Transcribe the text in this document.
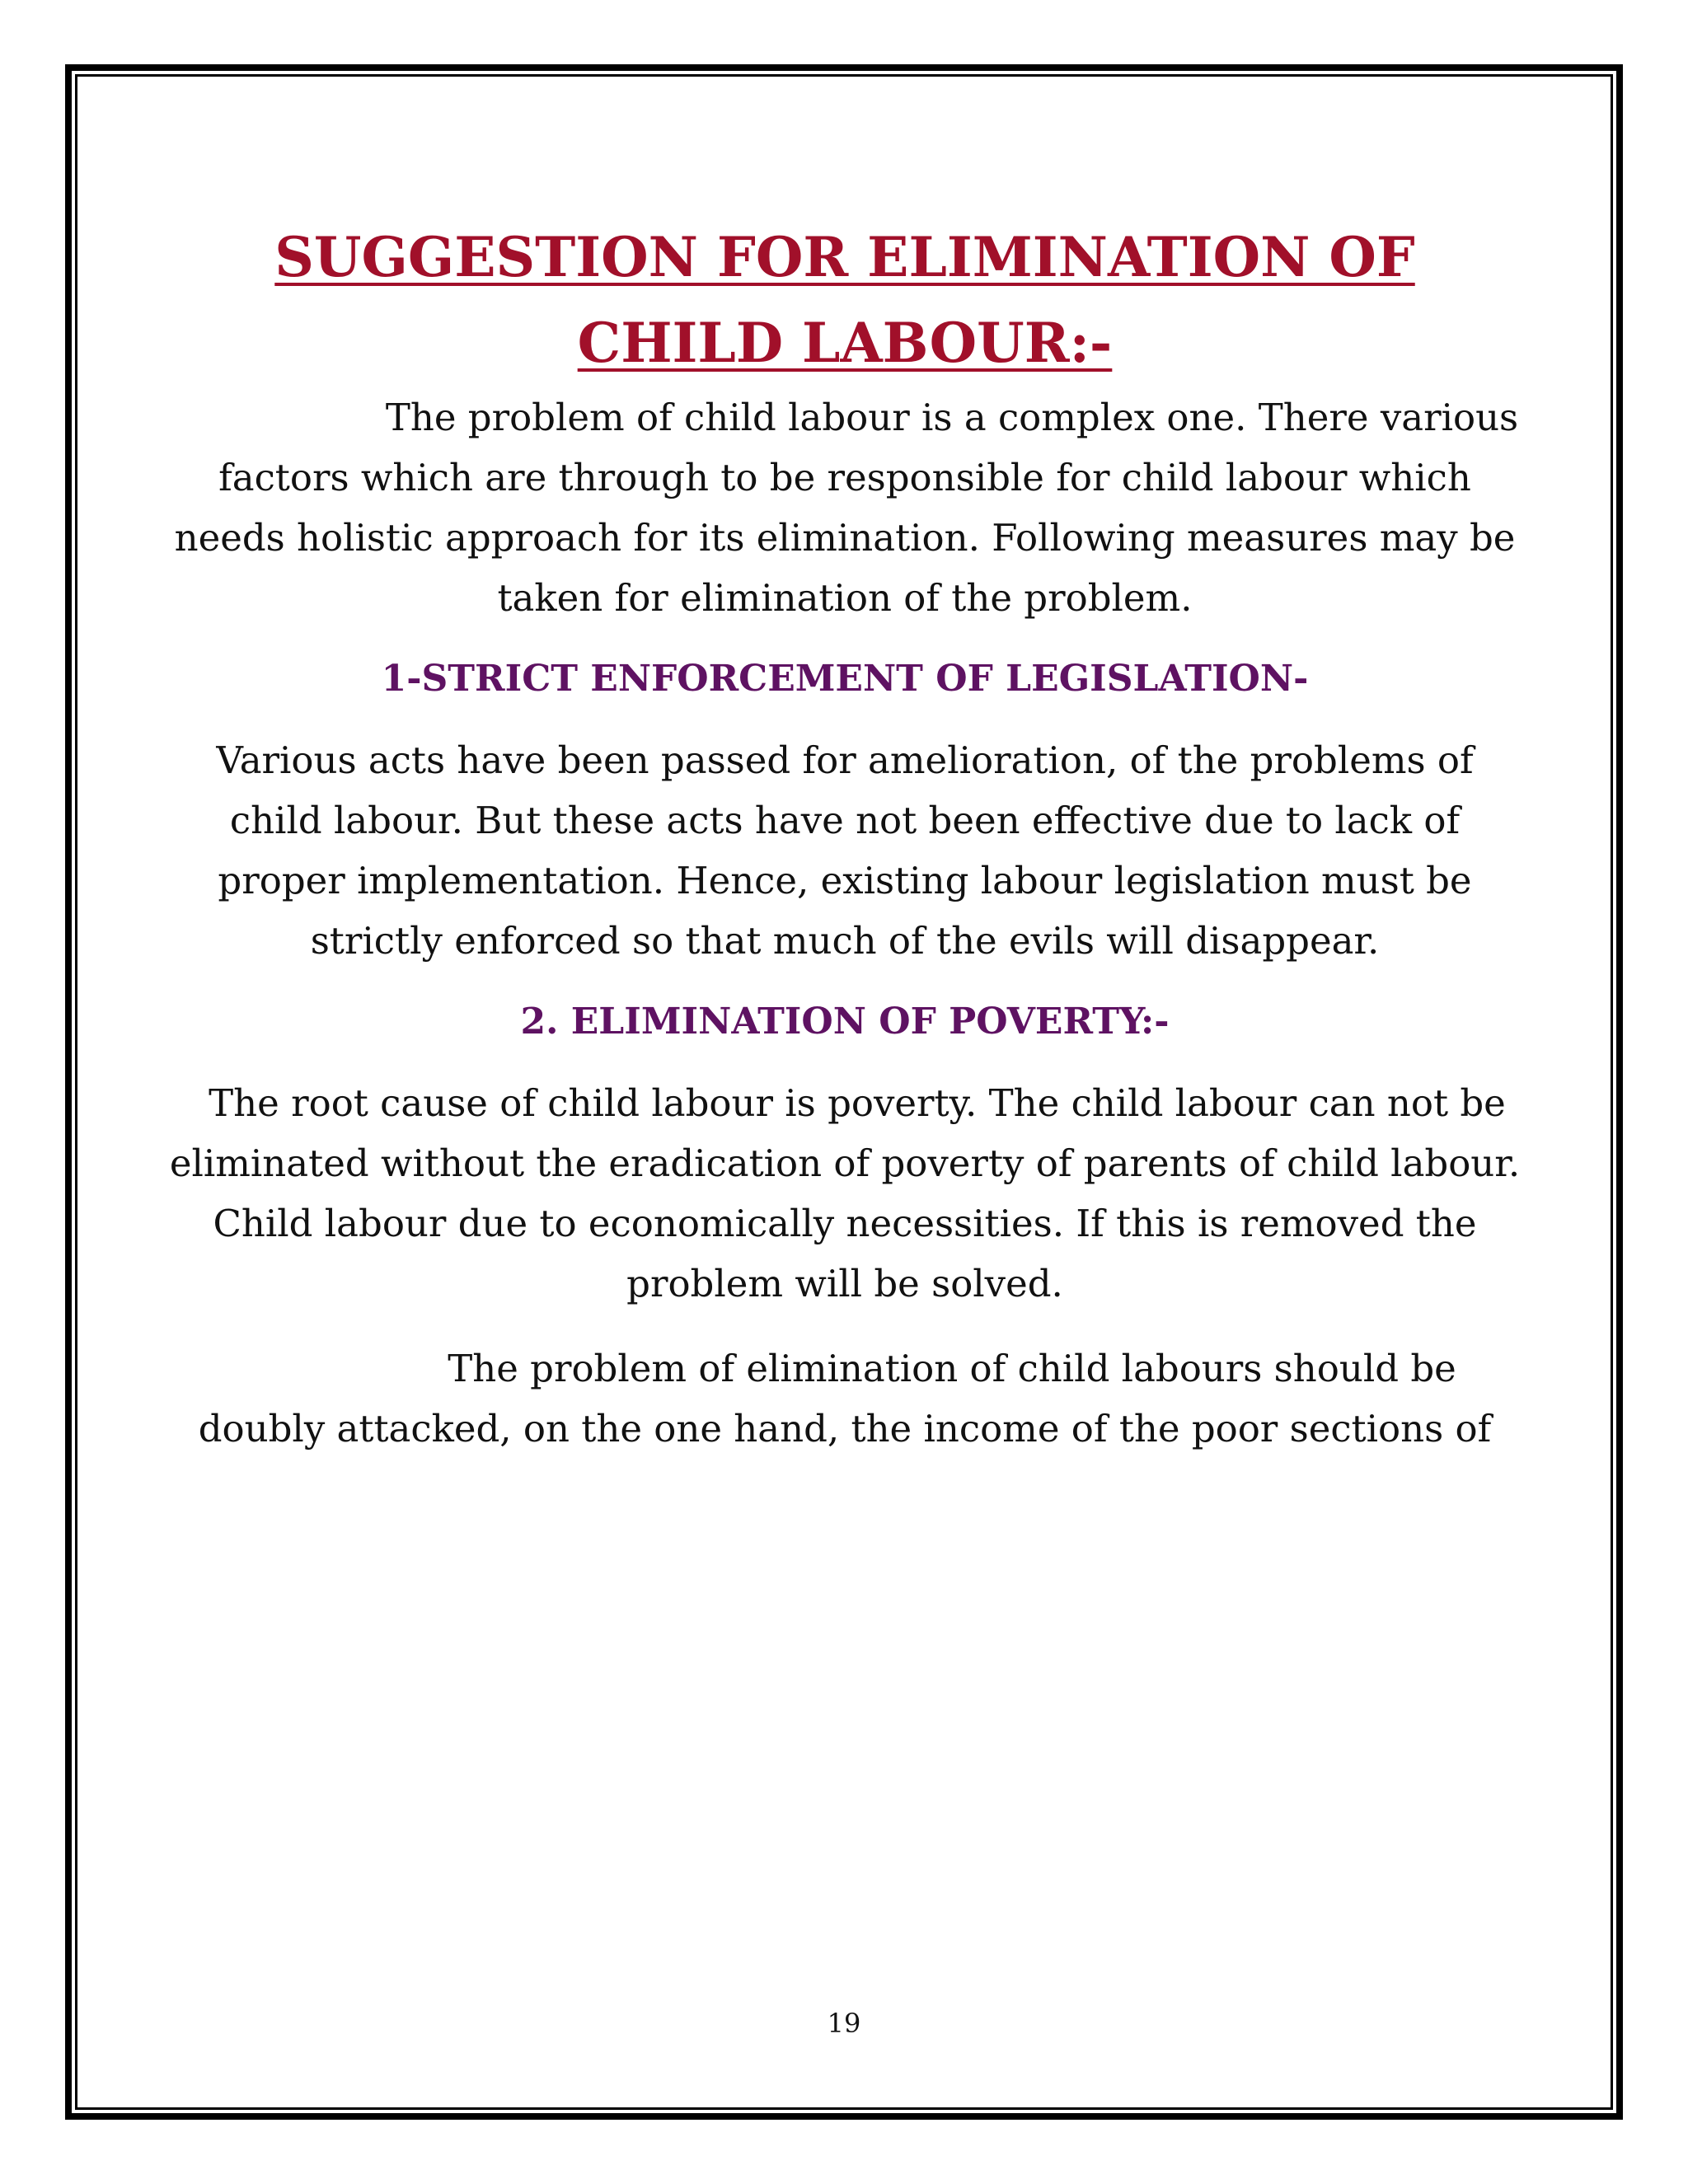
SUGGESTION FOR ELIMINATION OF CHILD LABOUR:-

The problem of child labour is a complex one. There various factors which are through to be responsible for child labour which needs holistic approach for its elimination. Following measures may be taken for elimination of the problem.

1-STRICT ENFORCEMENT OF LEGISLATION-

Various acts have been passed for amelioration, of the problems of child labour. But these acts have not been effective due to lack of proper implementation. Hence, existing labour legislation must be strictly enforced so that much of the evils will disappear.

2. ELIMINATION OF POVERTY:-

The root cause of child labour is poverty. The child labour can not be eliminated without the eradication of poverty of parents of child labour. Child labour due to economically necessities. If this is removed the problem will be solved.

The problem of elimination of child labours should be doubly attacked, on the one hand, the income of the poor sections of

19
